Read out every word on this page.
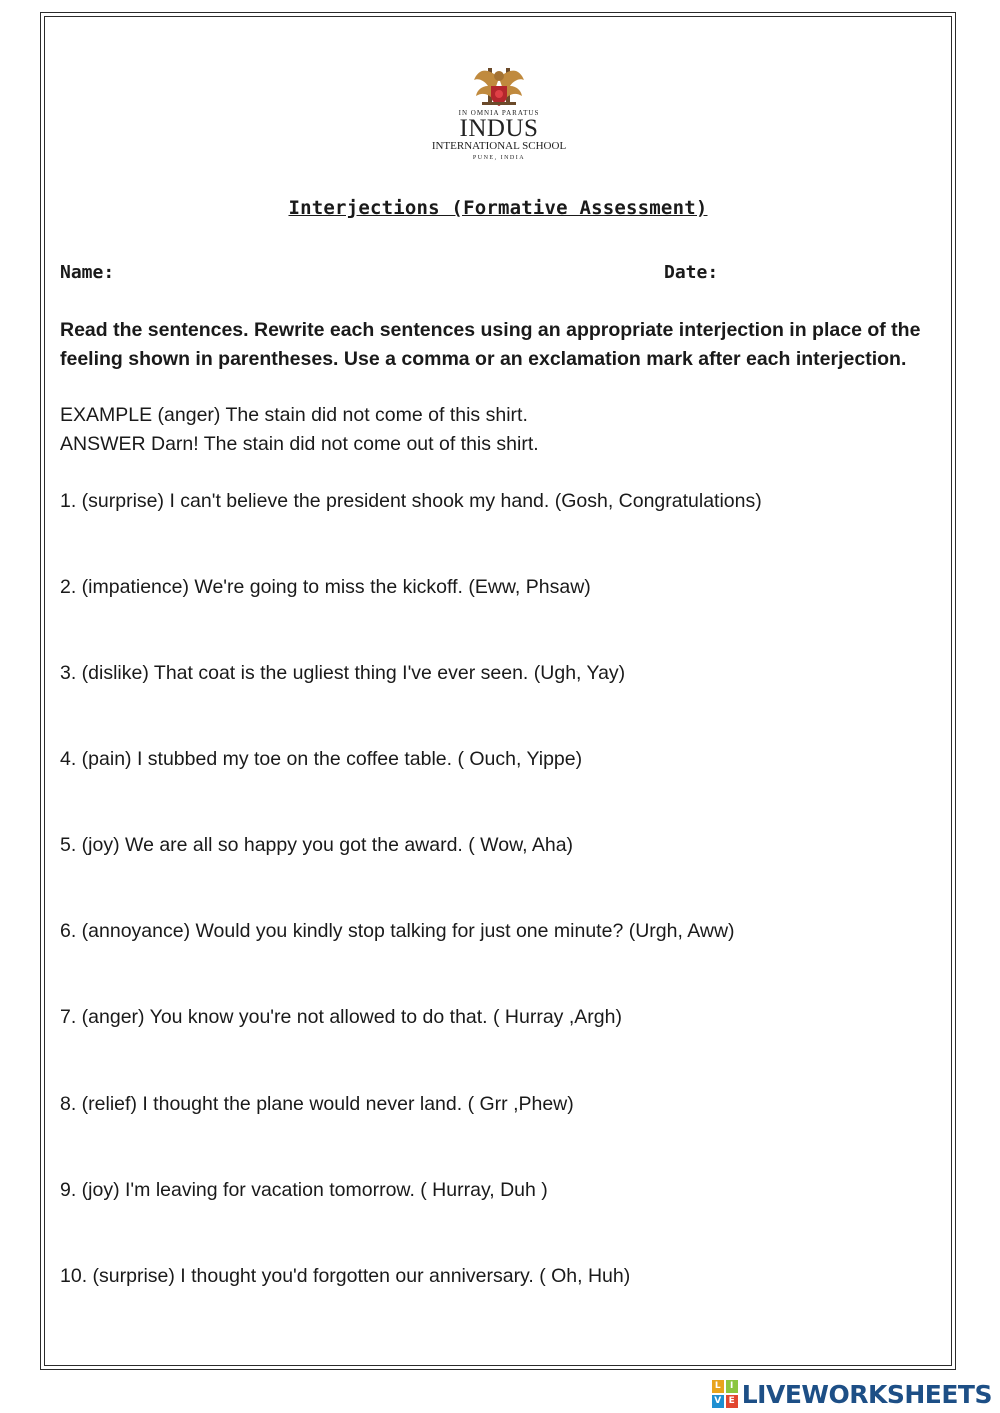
IN OMNIA PARATUS
INDUS
INTERNATIONAL SCHOOL
PUNE, INDIA
Interjections (Formative Assessment)
Name:	Date:
Read the sentences. Rewrite each sentences using an appropriate interjection in place of the feeling shown in parentheses. Use a comma or an exclamation mark after each interjection.
EXAMPLE (anger) The stain did not come of this shirt.
ANSWER Darn! The stain did not come out of this shirt.
1. (surprise) I can't believe the president shook my hand. (Gosh, Congratulations)
2. (impatience) We're going to miss the kickoff. (Eww, Phsaw)
3. (dislike) That coat is the ugliest thing I've ever seen. (Ugh, Yay)
4. (pain) I stubbed my toe on the coffee table. ( Ouch, Yippe)
5. (joy) We are all so happy you got the award. ( Wow, Aha)
6. (annoyance) Would you kindly stop talking for just one minute? (Urgh, Aww)
7. (anger) You know you're not allowed to do that. ( Hurray ,Argh)
8. (relief) I thought the plane would never land. ( Grr ,Phew)
9. (joy) I'm leaving for vacation tomorrow. ( Hurray, Duh )
10. (surprise) I thought you'd forgotten our anniversary. ( Oh, Huh)
L	I
V E LIVEWORKSHEETS
